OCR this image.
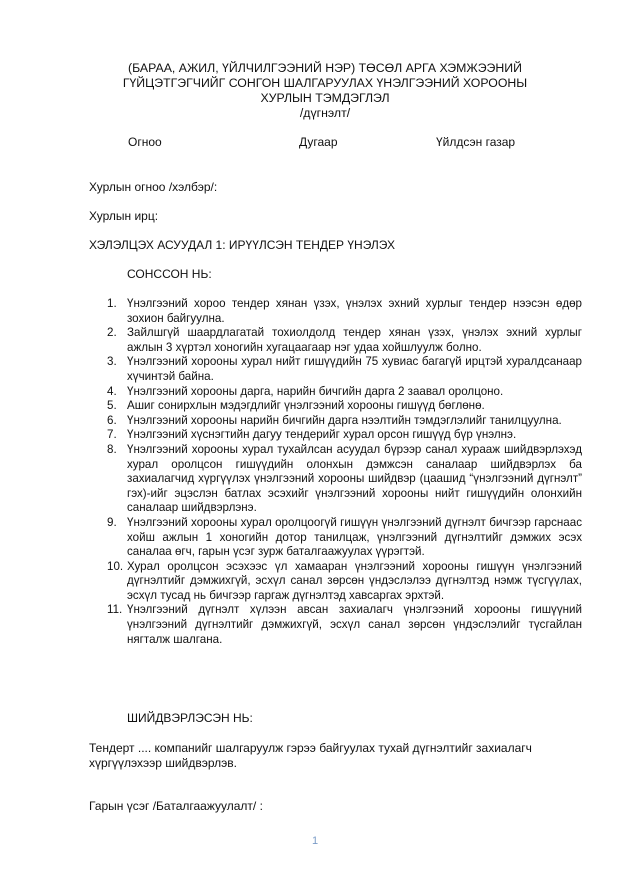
(БАРАА, АЖИЛ, ҮЙЛЧИЛГЭЭНИЙ НЭР) ТӨСӨЛ АРГА ХЭМЖЭЭНИЙ
ГҮЙЦЭТГЭГЧИЙГ СОНГОН ШАЛГАРУУЛАХ ҮНЭЛГЭЭНИЙ ХОРООНЫ
ХУРЛЫН ТЭМДЭГЛЭЛ
/дүгнэлт/
Огноо	Дугаар	Үйлдсэн газар
Хурлын огноо /хэлбэр/:
Хурлын ирц:
ХЭЛЭЛЦЭХ АСУУДАЛ 1: ИРҮҮЛСЭН ТЕНДЕР ҮНЭЛЭХ
СОНССОН НЬ:
1. Үнэлгээний хороо тендер хянан үзэх, үнэлэх эхний хурлыг тендер нээсэн өдөр зохион байгуулна.
2. Зайлшгүй шаардлагатай тохиолдолд тендер хянан үзэх, үнэлэх эхний хурлыг ажлын 3 хүртэл хоногийн хугацаагаар нэг удаа хойшлуулж болно.
3. Үнэлгээний хорооны хурал нийт гишүүдийн 75 хувиас багагүй ирцтэй хуралдсанаар хүчинтэй байна.
4. Үнэлгээний хорооны дарга, нарийн бичгийн дарга 2 заавал оролцоно.
5. Ашиг сонирхлын мэдэгдлийг үнэлгээний хорооны гишүүд бөглөнө.
6. Үнэлгээний хорооны нарийн бичгийн дарга нээлтийн тэмдэглэлийг танилцуулна.
7. Үнэлгээний хүснэгтийн дагуу тендерийг хурал орсон гишүүд бүр үнэлнэ.
8. Үнэлгээний хорооны хурал тухайлсан асуудал бүрээр санал хурааж шийдвэрлэхэд хурал оролцсон гишүүдийн олонхын дэмжсэн саналаар шийдвэрлэх ба захиалагчид хүргүүлэх үнэлгээний хорооны шийдвэр (цаашид “үнэлгээний дүгнэлт” гэх)-ийг эцэслэн батлах эсэхийг үнэлгээний хорооны нийт гишүүдийн олонхийн саналаар шийдвэрлэнэ.
9. Үнэлгээний хорооны хурал оролцоогүй гишүүн үнэлгээний дүгнэлт бичгээр гарснаас хойш ажлын 1 хоногийн дотор танилцаж, үнэлгээний дүгнэлтийг дэмжих эсэх саналаа өгч, гарын үсэг зурж баталгаажуулах үүрэгтэй.
10. Хурал оролцсон эсэхээс үл хамааран үнэлгээний хорооны гишүүн үнэлгээний дүгнэлтийг дэмжихгүй, эсхүл санал зөрсөн үндэслэлээ дүгнэлтэд нэмж түсгүүлах, эсхүл тусад нь бичгээр гаргаж дүгнэлтэд хавсаргах эрхтэй.
11. Үнэлгээний дүгнэлт хүлээн авсан захиалагч үнэлгээний хорооны гишүүний үнэлгээний дүгнэлтийг дэмжихгүй, эсхүл санал зөрсөн үндэслэлийг түсгайлан нягталж шалгана.
ШИЙДВЭРЛЭСЭН НЬ:
Тендерт .... компанийг шалгаруулж гэрээ байгуулах тухай дүгнэлтийг захиалагч хүргүүлэхээр шийдвэрлэв.
Гарын үсэг /Баталгаажуулалт/ :
1
